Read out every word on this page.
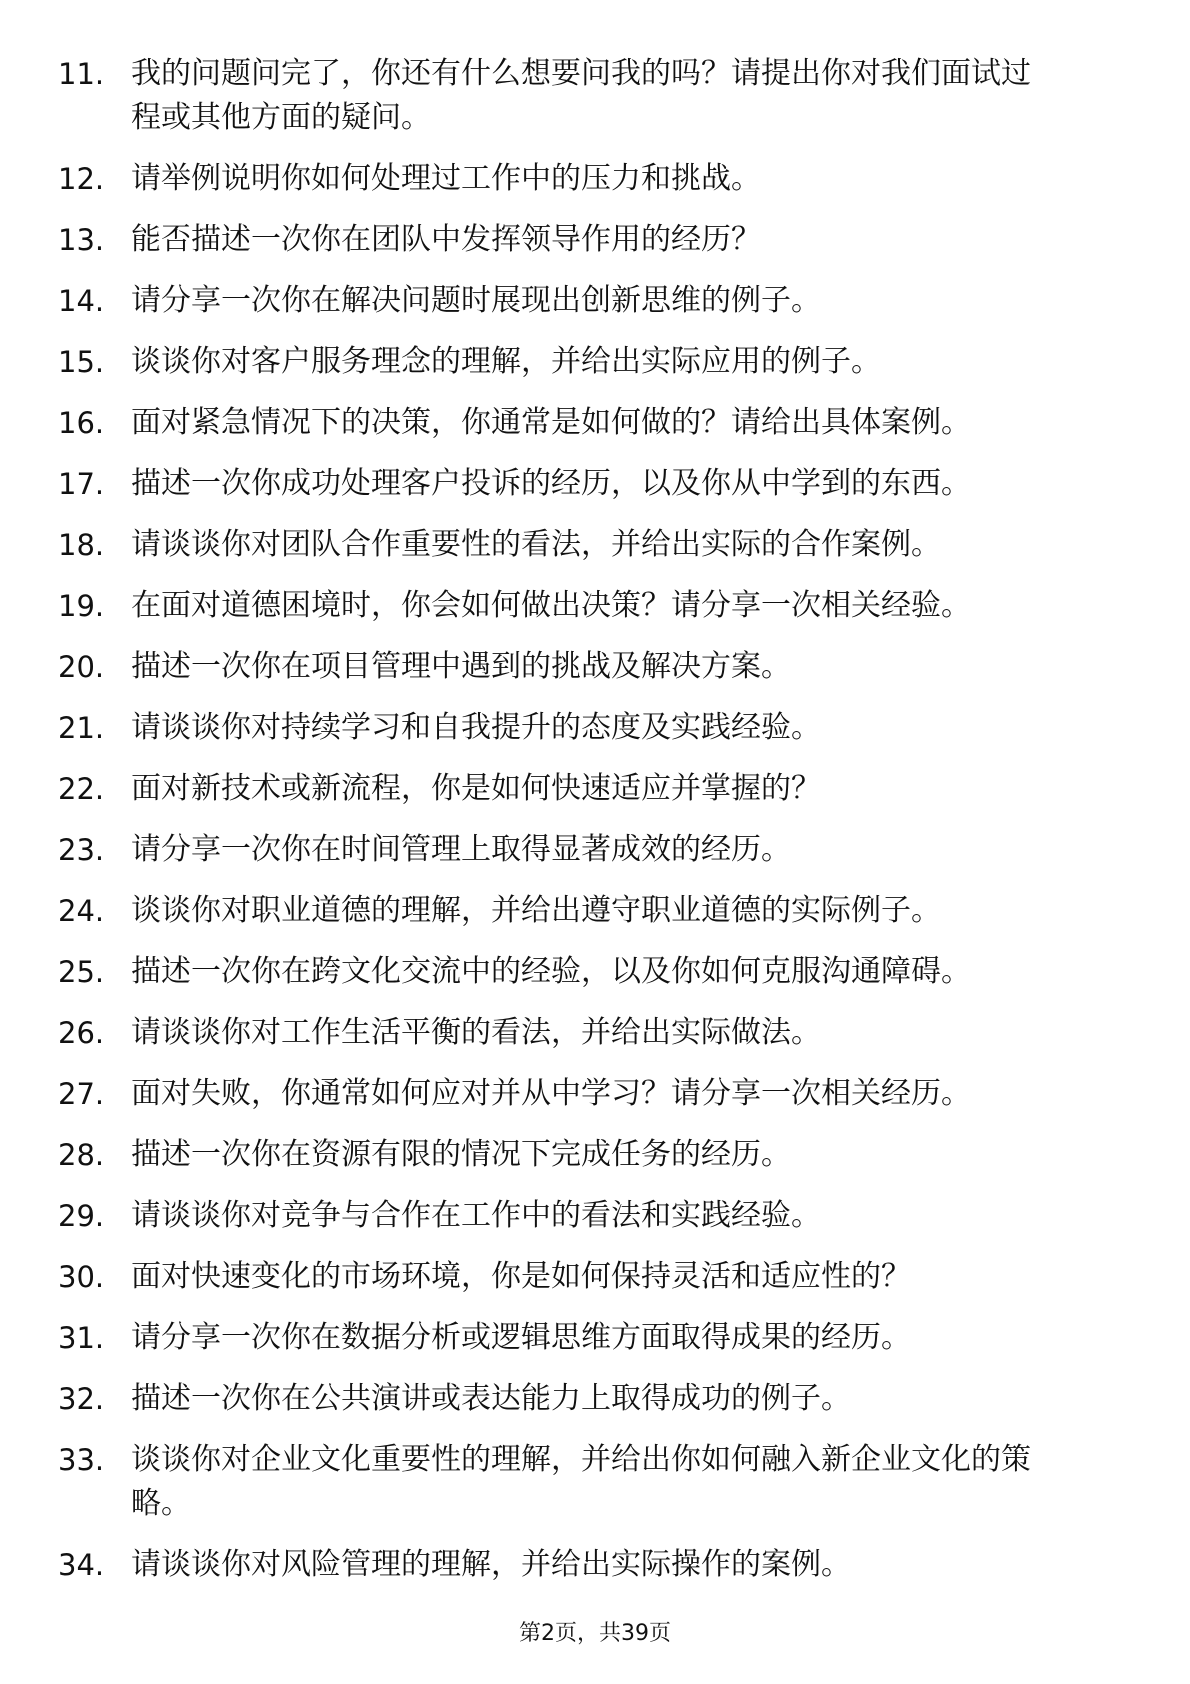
11. 我的问题问完了，你还有什么想要问我的吗？请提出你对我们面试过程或其他方面的疑问。
12. 请举例说明你如何处理过工作中的压力和挑战。
13. 能否描述一次你在团队中发挥领导作用的经历？
14. 请分享一次你在解决问题时展现出创新思维的例子。
15. 谈谈你对客户服务理念的理解，并给出实际应用的例子。
16. 面对紧急情况下的决策，你通常是如何做的？请给出具体案例。
17. 描述一次你成功处理客户投诉的经历，以及你从中学到的东西。
18. 请谈谈你对团队合作重要性的看法，并给出实际的合作案例。
19. 在面对道德困境时，你会如何做出决策？请分享一次相关经验。
20. 描述一次你在项目管理中遇到的挑战及解决方案。
21. 请谈谈你对持续学习和自我提升的态度及实践经验。
22. 面对新技术或新流程，你是如何快速适应并掌握的？
23. 请分享一次你在时间管理上取得显著成效的经历。
24. 谈谈你对职业道德的理解，并给出遵守职业道德的实际例子。
25. 描述一次你在跨文化交流中的经验，以及你如何克服沟通障碍。
26. 请谈谈你对工作生活平衡的看法，并给出实际做法。
27. 面对失败，你通常如何应对并从中学习？请分享一次相关经历。
28. 描述一次你在资源有限的情况下完成任务的经历。
29. 请谈谈你对竞争与合作在工作中的看法和实践经验。
30. 面对快速变化的市场环境，你是如何保持灵活和适应性的？
31. 请分享一次你在数据分析或逻辑思维方面取得成果的经历。
32. 描述一次你在公共演讲或表达能力上取得成功的例子。
33. 谈谈你对企业文化重要性的理解，并给出你如何融入新企业文化的策略。
34. 请谈谈你对风险管理的理解，并给出实际操作的案例。
第2页，共39页
